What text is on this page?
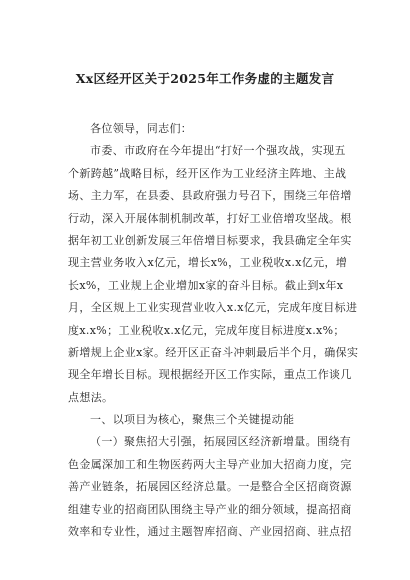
Xx区经开区关于2025年工作务虚的主题发言
各位领导，同志们：
市委、市政府在今年提出“打好一个强攻战，实现五
个新跨越”战略目标，经开区作为工业经济主阵地、主战
场、主力军，在县委、县政府强力号召下，围绕三年倍增
行动，深入开展体制机制改革，打好工业倍增攻坚战。根
据年初工业创新发展三年倍增目标要求，我县确定全年实
现主营业务收入x亿元，增长x%，工业税收x.x亿元，增
长x%，工业规上企业增加x家的奋斗目标。截止到x年x
月，全区规上工业实现营业收入x.x亿元，完成年度目标进
度x.x%；工业税收x.x亿元，完成年度目标进度x.x%；
新增规上企业x家。经开区正奋斗冲刺最后半个月，确保实
现全年增长目标。现根据经开区工作实际，重点工作谈几
点想法。
一、以项目为核心，聚焦三个关键提动能
（一）聚焦招大引强，拓展园区经济新增量。围绕有
色金属深加工和生物医药两大主导产业加大招商力度，完
善产业链条，拓展园区经济总量。一是整合全区招商资源
组建专业的招商团队围绕主导产业的细分领域，提高招商
效率和专业性，通过主题智库招商、产业园招商、驻点招
